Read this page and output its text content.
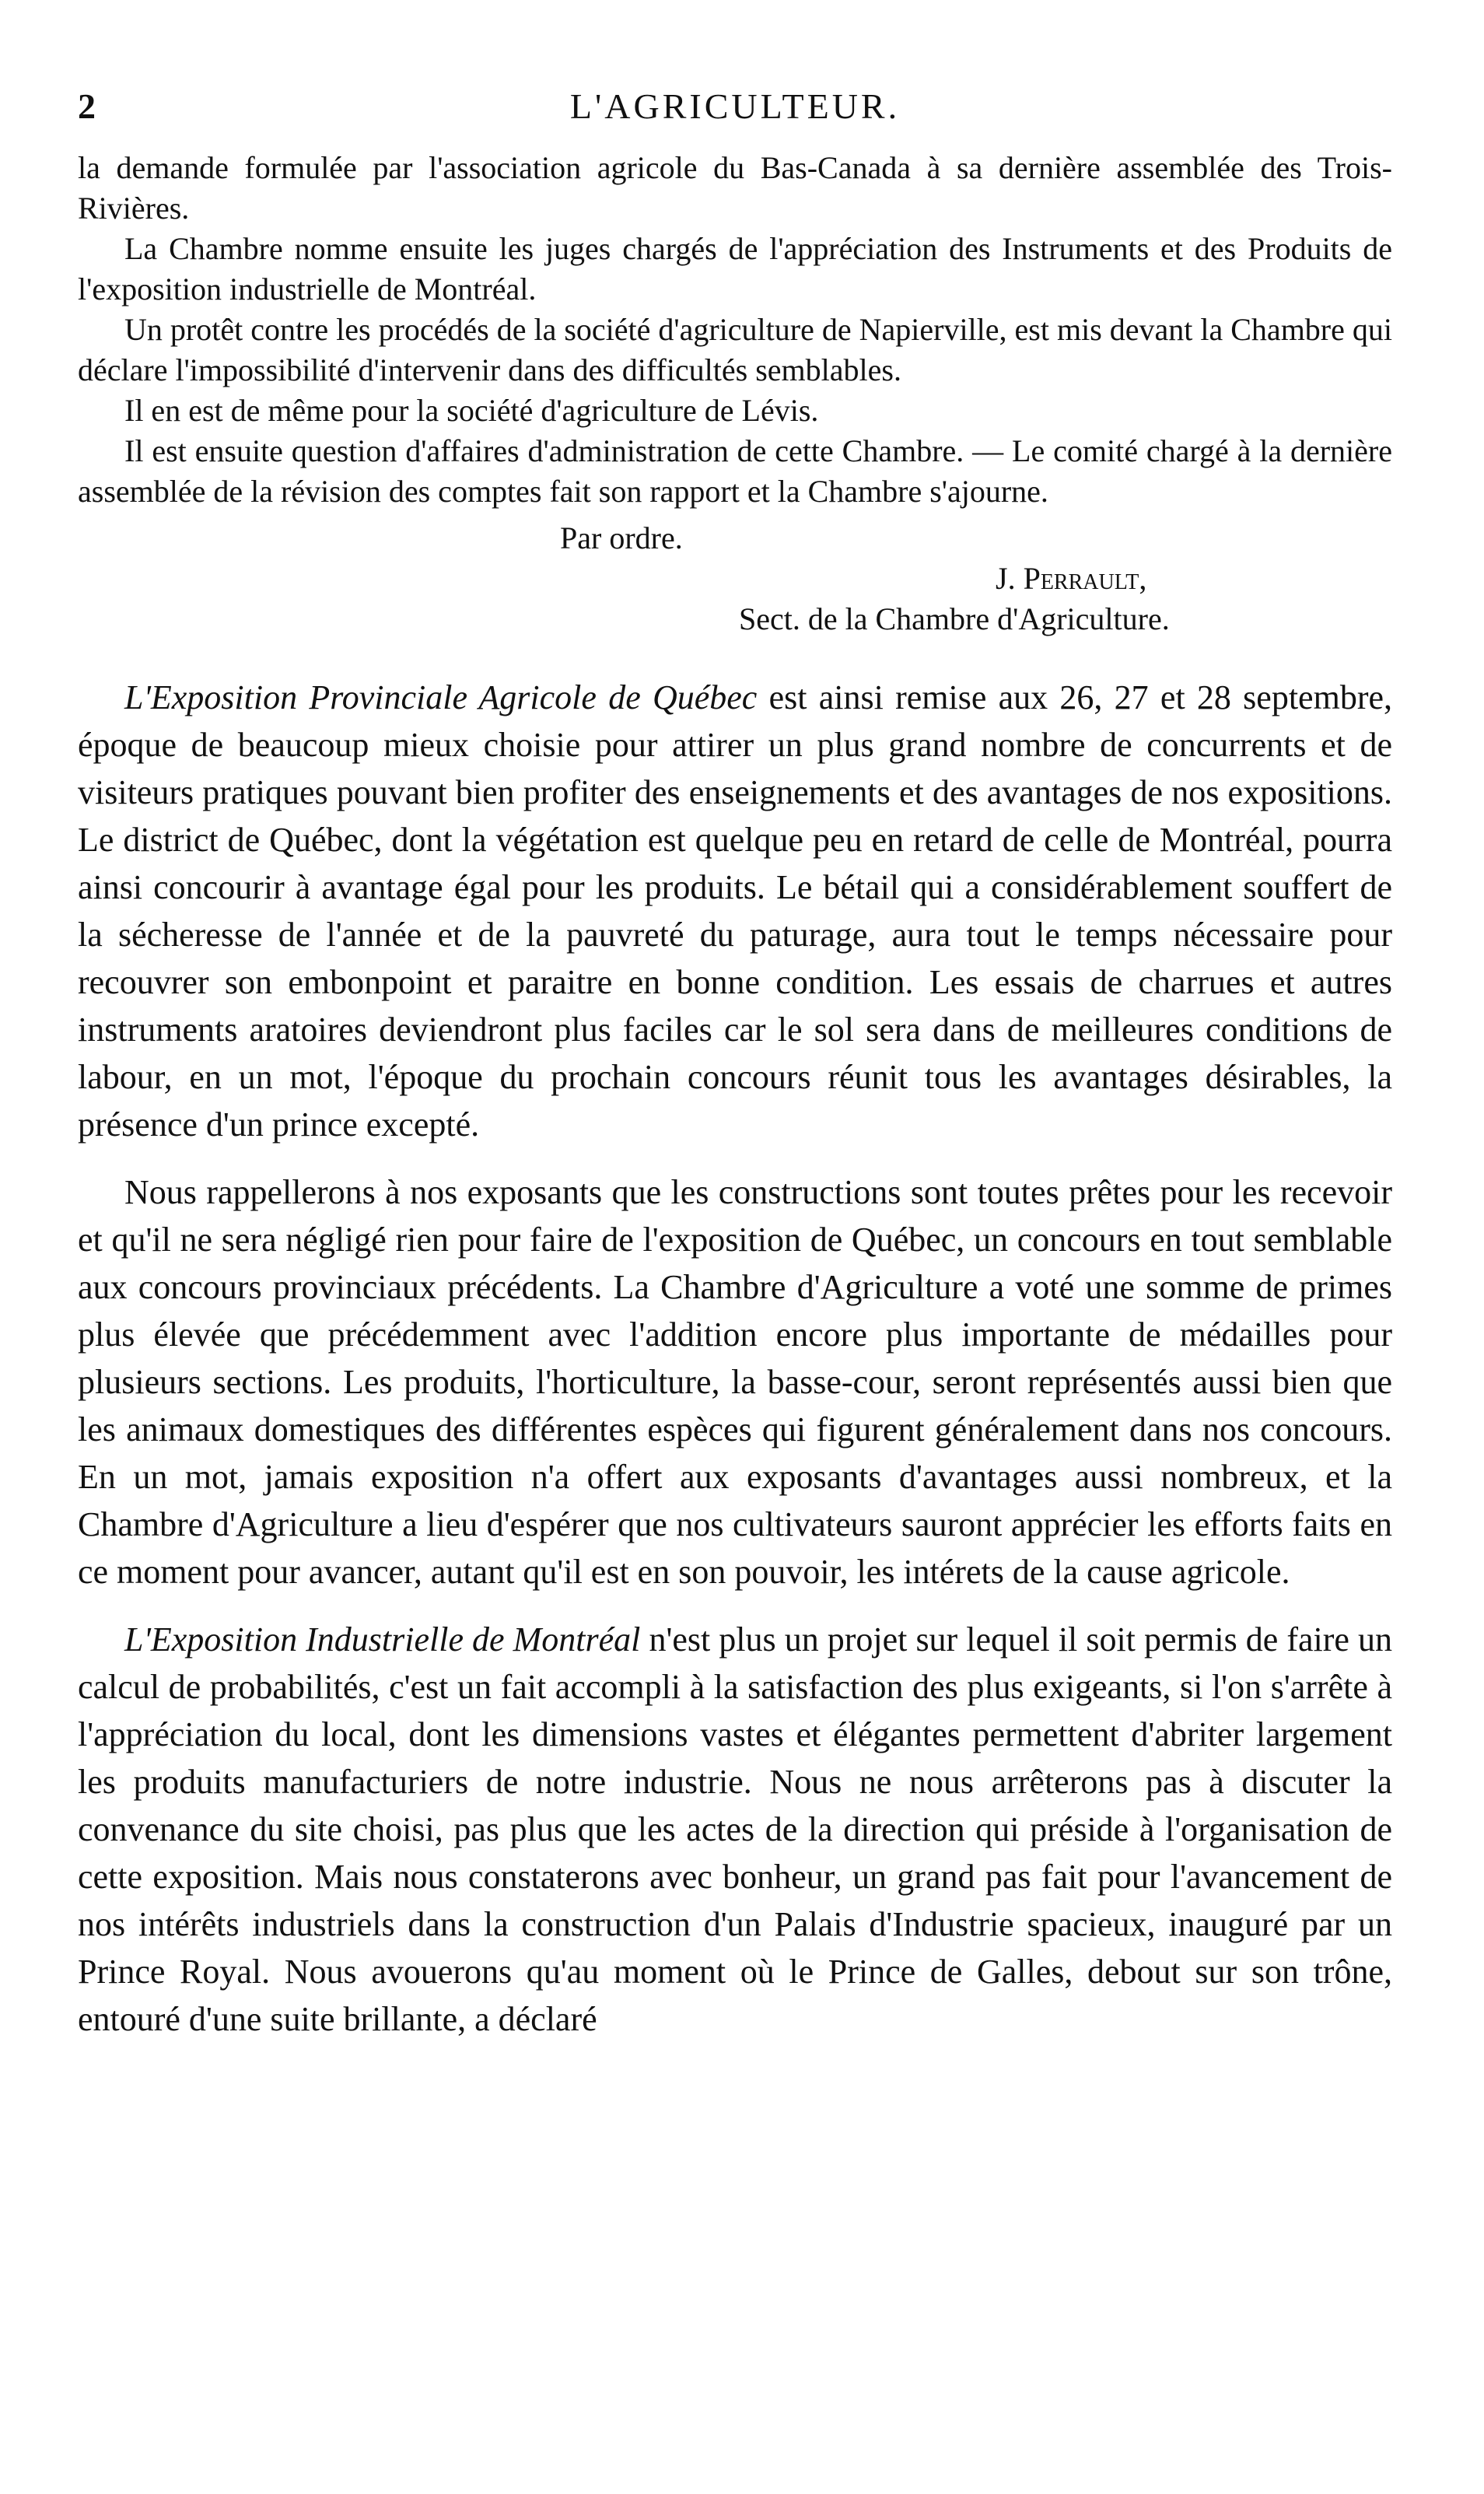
2	L'AGRICULTEUR.

la demande formulée par l'association agricole du Bas-Canada à sa dernière assemblée des Trois-Rivières.

La Chambre nomme ensuite les juges chargés de l'appréciation des Instruments et des Produits de l'exposition industrielle de Montréal.

Un protêt contre les procédés de la société d'agriculture de Napierville, est mis devant la Chambre qui déclare l'impossibilité d'intervenir dans des difficultés semblables.

Il en est de même pour la société d'agriculture de Lévis.

Il est ensuite question d'affaires d'administration de cette Chambre. — Le comité chargé à la dernière assemblée de la révision des comptes fait son rapport et la Chambre s'ajourne.

Par ordre.

J. Perrault,

Sect. de la Chambre d'Agriculture.

L'Exposition Provinciale Agricole de Québec est ainsi remise aux 26, 27 et 28 septembre, époque de beaucoup mieux choisie pour attirer un plus grand nombre de concurrents et de visiteurs pratiques pouvant bien profiter des enseignements et des avantages de nos expositions. Le district de Québec, dont la végétation est quelque peu en retard de celle de Montréal, pourra ainsi concourir à avantage égal pour les produits. Le bétail qui a considérablement souffert de la sécheresse de l'année et de la pauvreté du paturage, aura tout le temps nécessaire pour recouvrer son embonpoint et paraitre en bonne condition. Les essais de charrues et autres instruments aratoires deviendront plus faciles car le sol sera dans de meilleures conditions de labour, en un mot, l'époque du prochain concours réunit tous les avantages désirables, la présence d'un prince excepté.

Nous rappellerons à nos exposants que les constructions sont toutes prêtes pour les recevoir et qu'il ne sera négligé rien pour faire de l'exposition de Québec, un concours en tout semblable aux concours provinciaux précédents. La Chambre d'Agriculture a voté une somme de primes plus élevée que précédemment avec l'addition encore plus importante de médailles pour plusieurs sections. Les produits, l'horticulture, la basse-cour, seront représentés aussi bien que les animaux domestiques des différentes espèces qui figurent généralement dans nos concours. En un mot, jamais exposition n'a offert aux exposants d'avantages aussi nombreux, et la Chambre d'Agriculture a lieu d'espérer que nos cultivateurs sauront apprécier les efforts faits en ce moment pour avancer, autant qu'il est en son pouvoir, les intérets de la cause agricole.

L'Exposition Industrielle de Montréal n'est plus un projet sur lequel il soit permis de faire un calcul de probabilités, c'est un fait accompli à la satisfaction des plus exigeants, si l'on s'arrête à l'appréciation du local, dont les dimensions vastes et élégantes permettent d'abriter largement les produits manufacturiers de notre industrie. Nous ne nous arrêterons pas à discuter la convenance du site choisi, pas plus que les actes de la direction qui préside à l'organisation de cette exposition. Mais nous constaterons avec bonheur, un grand pas fait pour l'avancement de nos intérêts industriels dans la construction d'un Palais d'Industrie spacieux, inauguré par un Prince Royal. Nous avouerons qu'au moment où le Prince de Galles, debout sur son trône, entouré d'une suite brillante, a déclaré
